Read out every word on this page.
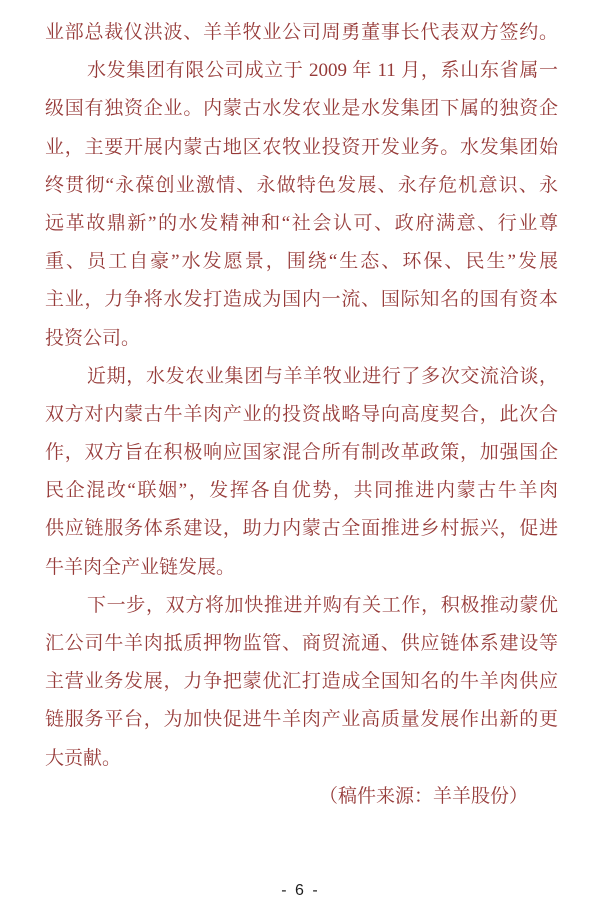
业部总裁仪洪波、羊羊牧业公司周勇董事长代表双方签约。
水发集团有限公司成立于 2009 年 11 月，系山东省属一
级国有独资企业。内蒙古水发农业是水发集团下属的独资企
业，主要开展内蒙古地区农牧业投资开发业务。水发集团始
终贯彻“永葆创业激情、永做特色发展、永存危机意识、永
远革故鼎新”的水发精神和“社会认可、政府满意、行业尊
重、员工自豪”水发愿景，围绕“生态、环保、民生”发展
主业，力争将水发打造成为国内一流、国际知名的国有资本
投资公司。
近期，水发农业集团与羊羊牧业进行了多次交流洽谈，
双方对内蒙古牛羊肉产业的投资战略导向高度契合，此次合
作，双方旨在积极响应国家混合所有制改革政策，加强国企
民企混改“联姻”，发挥各自优势，共同推进内蒙古牛羊肉
供应链服务体系建设，助力内蒙古全面推进乡村振兴，促进
牛羊肉全产业链发展。
下一步，双方将加快推进并购有关工作，积极推动蒙优
汇公司牛羊肉抵质押物监管、商贸流通、供应链体系建设等
主营业务发展，力争把蒙优汇打造成全国知名的牛羊肉供应
链服务平台，为加快促进牛羊肉产业高质量发展作出新的更
大贡献。
（稿件来源：羊羊股份）
- 6 -
